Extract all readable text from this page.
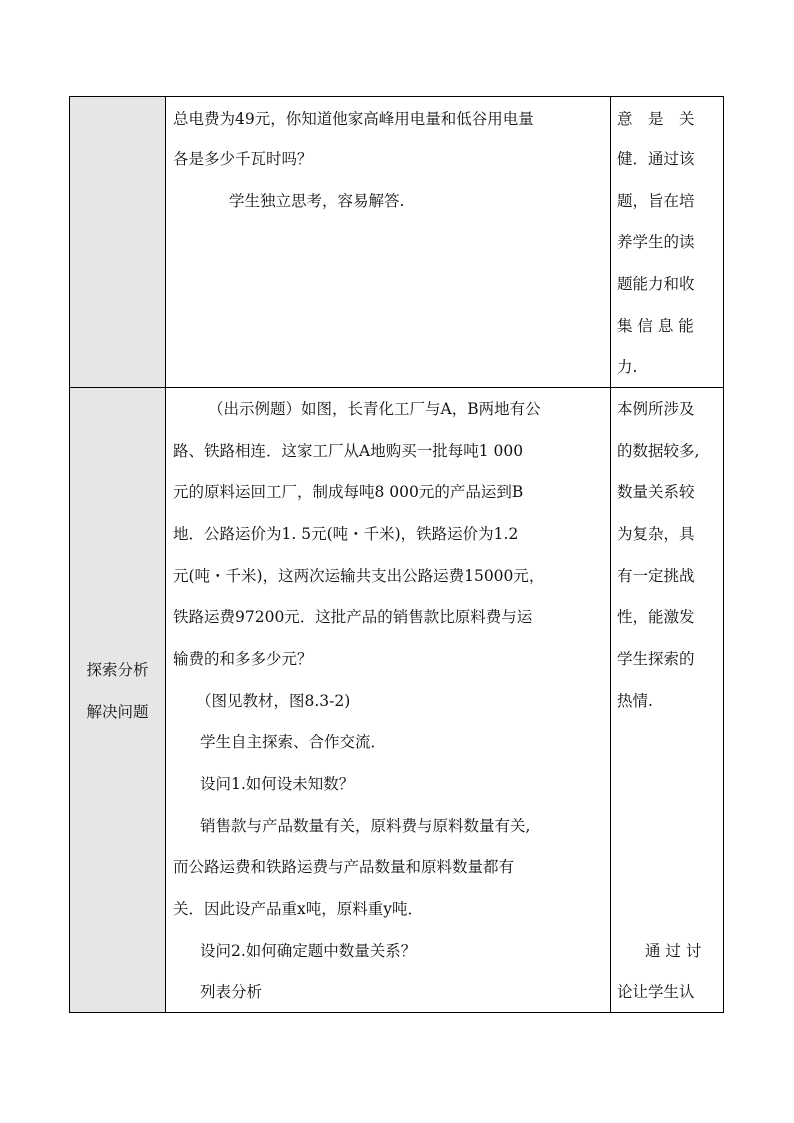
总电费为49元，你知道他家高峰用电量和低谷用电量
各是多少千瓦时吗？
学生独立思考，容易解答.
意　是　关
健．通过该
题，旨在培
养学生的读
题能力和收
集 信 息 能
力.
探索分析
解决问题
（出示例题）如图，长青化工厂与A，B两地有公
路、铁路相连．这家工厂从A地购买一批每吨1 000
元的原料运回工厂，制成每吨8 000元的产品运到B
地．公路运价为1. 5元(吨・千米)，铁路运价为1.2
元(吨・千米)，这两次运输共支出公路运费15000元，
铁路运费97200元．这批产品的销售款比原料费与运
输费的和多多少元？
（图见教材，图8.3-2)
学生自主探索、合作交流．
设问1.如何设未知数？
销售款与产品数量有关，原料费与原料数量有关,
而公路运费和铁路运费与产品数量和原料数量都有
关．因此设产品重x吨，原料重y吨．
设问2.如何确定题中数量关系？
列表分析
本例所涉及
的数据较多,
数量关系较
为复杂，具
有一定挑战
性，能激发
学生探索的
热情.
通 过 讨
论让学生认
